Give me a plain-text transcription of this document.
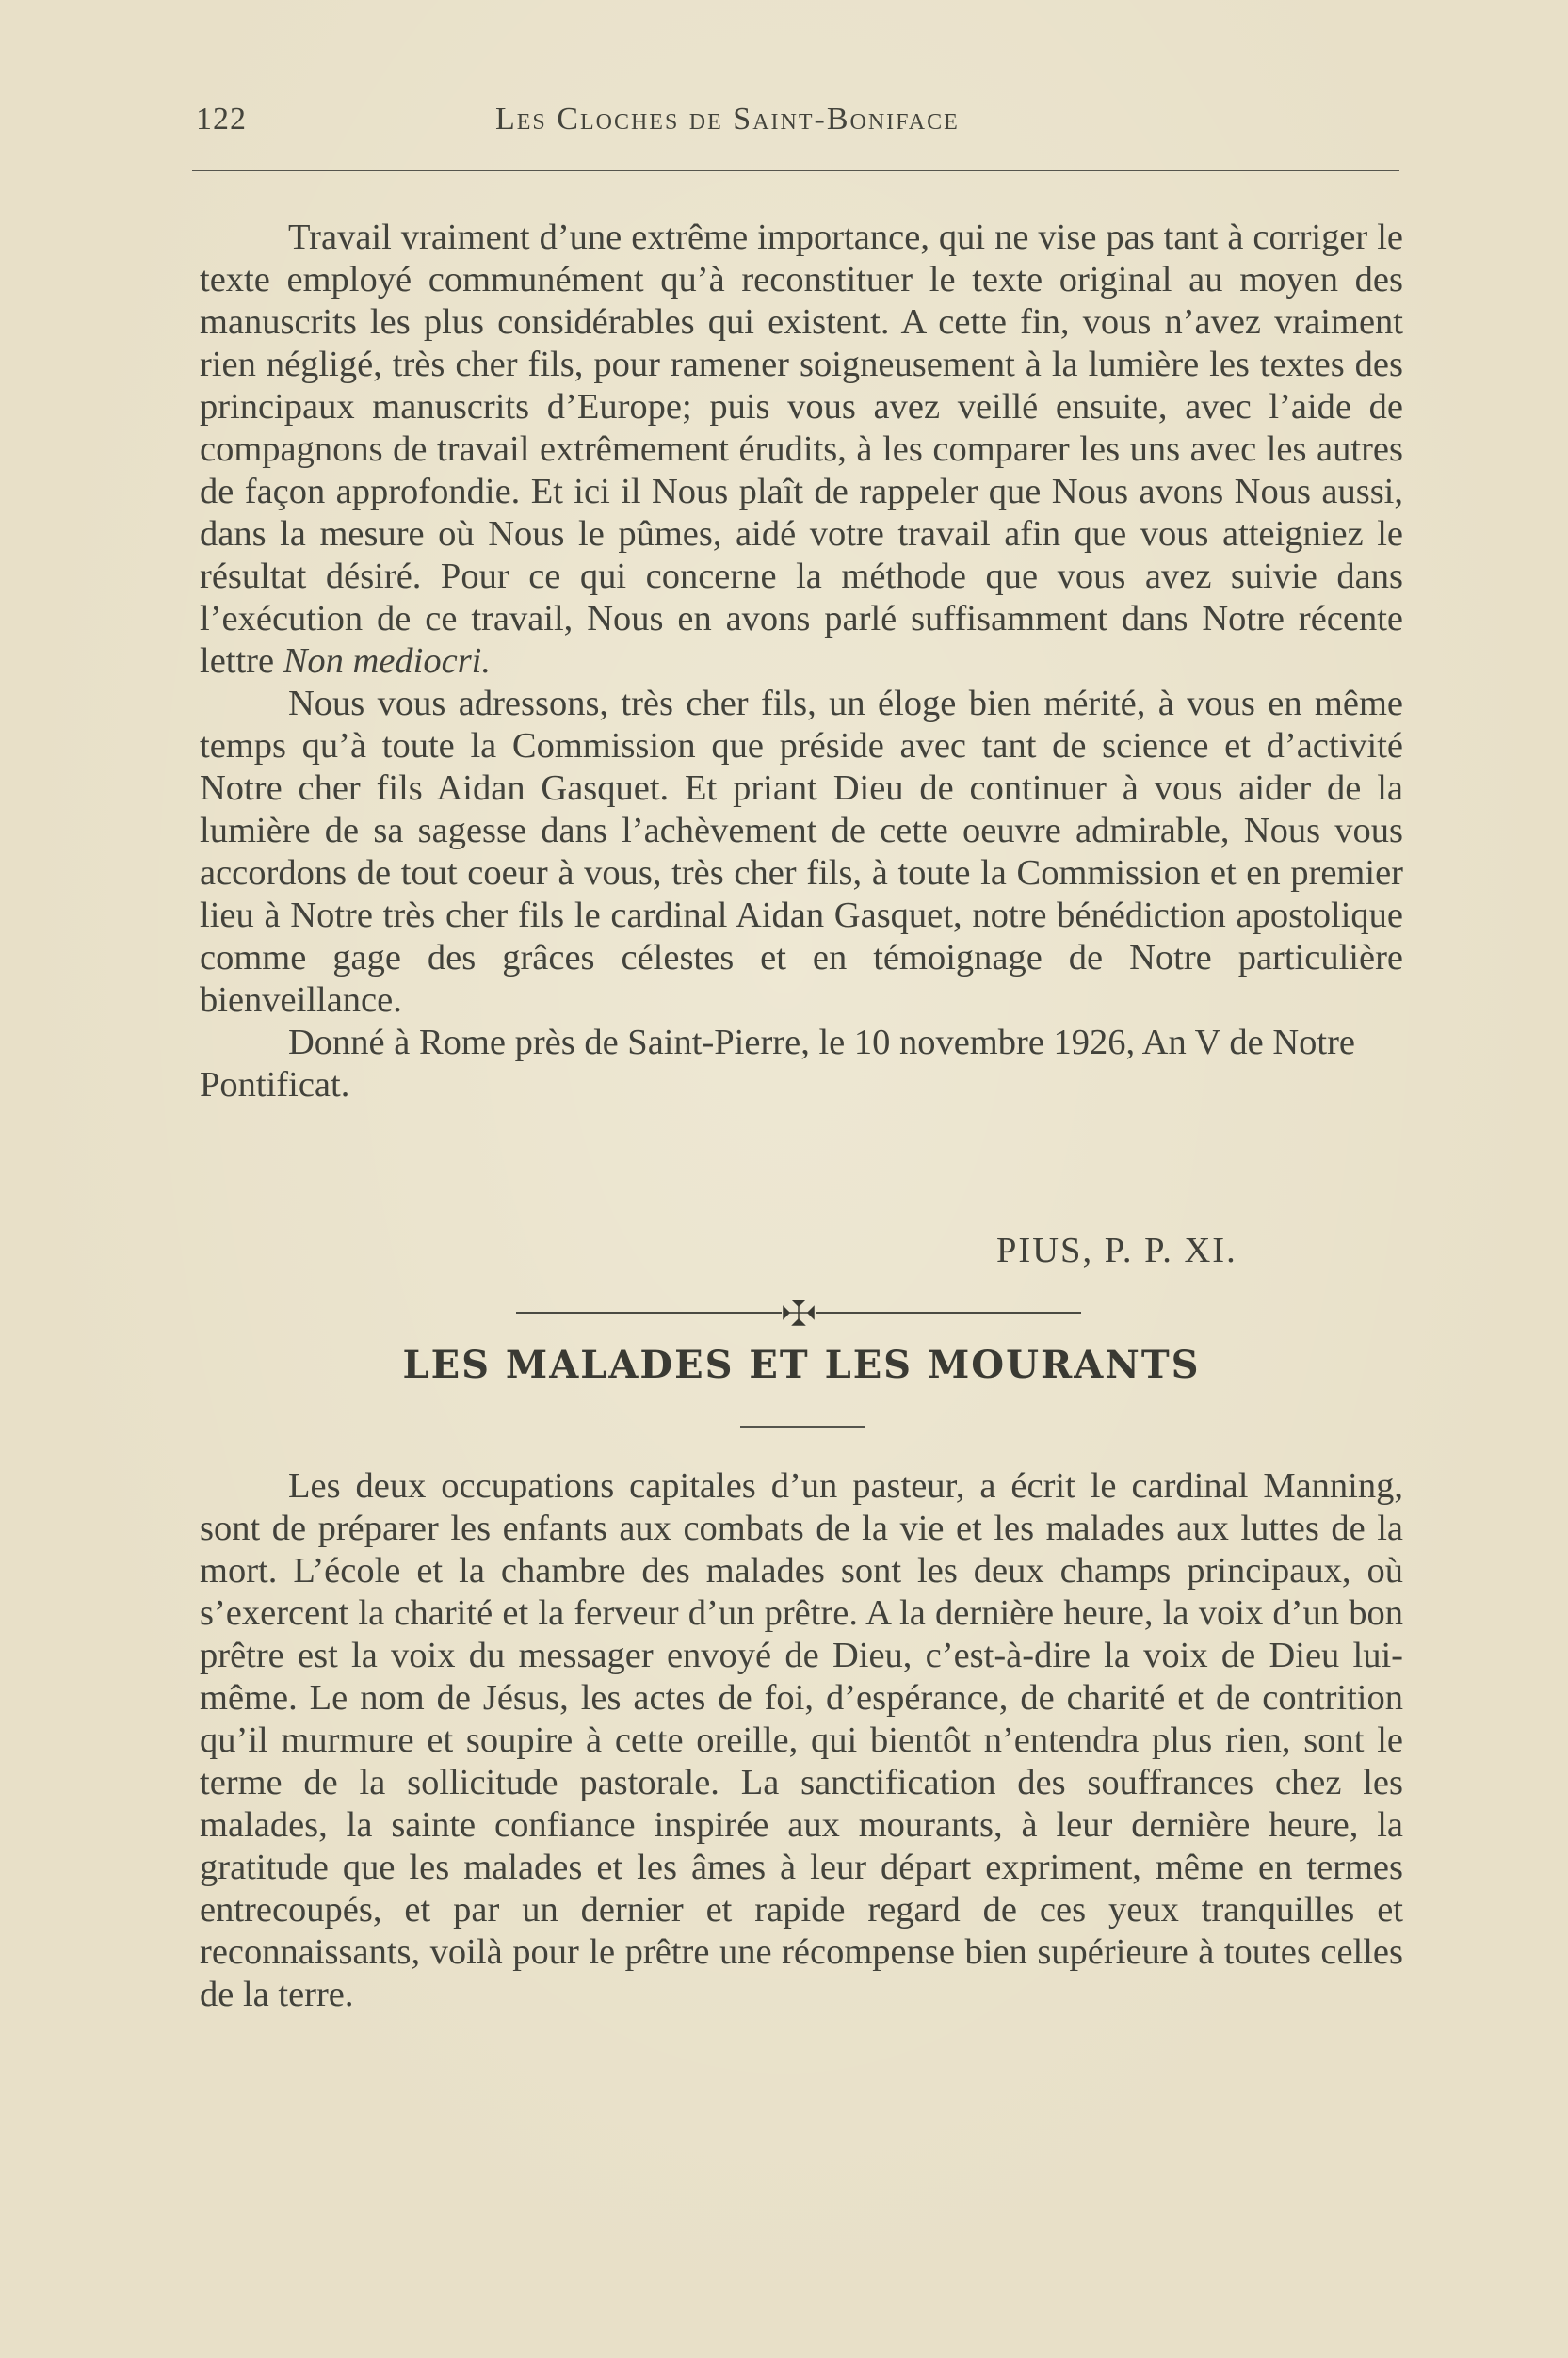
122	Les Cloches de Saint-Boniface

Travail vraiment d’une extrême importance, qui ne vise pas tant à corriger le texte employé communément qu’à reconstituer le texte original au moyen des manuscrits les plus considérables qui existent. A cette fin, vous n’avez vraiment rien négligé, très cher fils, pour ramener soigneusement à la lumière les textes des principaux manuscrits d’Europe; puis vous avez veillé ensuite, avec l’aide de compagnons de travail extrêmement érudits, à les comparer les uns avec les autres de façon approfondie. Et ici il Nous plaît de rappeler que Nous avons Nous aussi, dans la mesure où Nous le pûmes, aidé votre travail afin que vous atteigniez le résultat désiré. Pour ce qui concerne la méthode que vous avez suivie dans l’exécution de ce travail, Nous en avons parlé suffisamment dans Notre récente lettre Non mediocri.

Nous vous adressons, très cher fils, un éloge bien mérité, à vous en même temps qu’à toute la Commission que préside avec tant de science et d’activité Notre cher fils Aidan Gasquet. Et priant Dieu de continuer à vous aider de la lumière de sa sagesse dans l’achèvement de cette oeuvre admirable, Nous vous accordons de tout coeur à vous, très cher fils, à toute la Commission et en premier lieu à Notre très cher fils le cardinal Aidan Gasquet, notre bénédiction apostolique comme gage des grâces célestes et en témoignage de Notre particulière bienveillance.

Donné à Rome près de Saint-Pierre, le 10 novembre 1926, An V de Notre Pontificat.

PIUS, P. P. XI.
LES MALADES ET LES MOURANTS

Les deux occupations capitales d’un pasteur, a écrit le cardinal Manning, sont de préparer les enfants aux combats de la vie et les malades aux luttes de la mort. L’école et la chambre des malades sont les deux champs principaux, où s’exercent la charité et la ferveur d’un prêtre. A la dernière heure, la voix d’un bon prêtre est la voix du messager envoyé de Dieu, c’est-à-dire la voix de Dieu lui-même. Le nom de Jésus, les actes de foi, d’espérance, de charité et de contrition qu’il murmure et soupire à cette oreille, qui bientôt n’entendra plus rien, sont le terme de la sollicitude pastorale. La sanctification des souffrances chez les malades, la sainte confiance inspirée aux mourants, à leur dernière heure, la gratitude que les malades et les âmes à leur départ expriment, même en termes entrecoupés, et par un dernier et rapide regard de ces yeux tranquilles et reconnaissants, voilà pour le prêtre une récompense bien supérieure à toutes celles de la terre.
